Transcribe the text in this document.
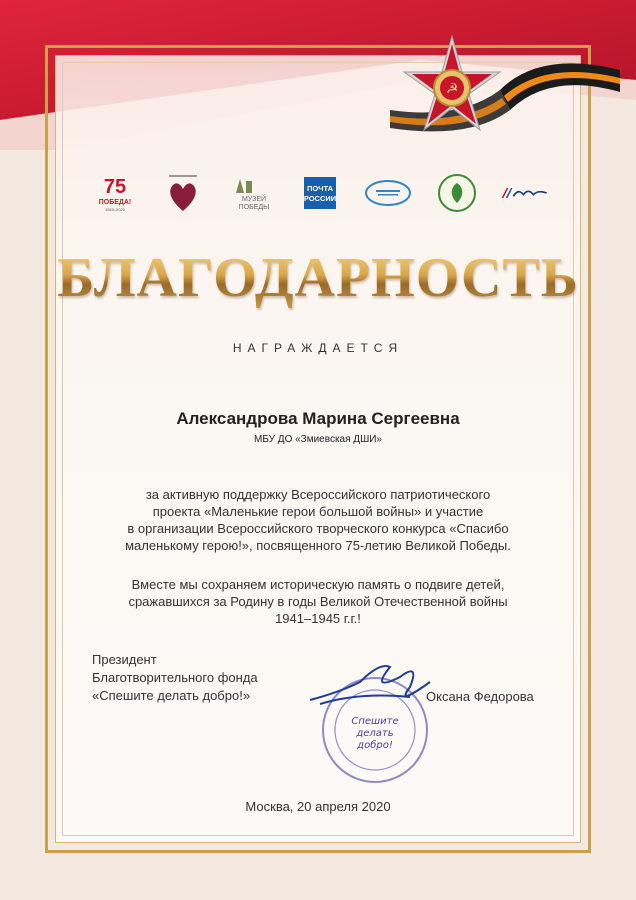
☭
75
ПОБЕДА!
1945–2020
МУЗЕЙ
ПОБЕДЫ
ПОЧТА
РОССИИ
БЛАГОДАРНОСТЬ
НАГРАЖДАЕТСЯ
Александрова Марина Сергеевна
МБУ ДО «Змиевская ДШИ»
за активную поддержку Всероссийского патриотического
проекта «Маленькие герои большой войны» и участие
в организации Всероссийского творческого конкурса «Спасибо
маленькому герою!», посвященного 75-летию Великой Победы.
Вместе мы сохраняем историческую память о подвиге детей,
сражавшихся за Родину в годы Великой Отечественной войны
1941–1945 г.г.!
Президент
Благотворительного фонда
«Спешите делать добро!»
Спешите
делать
добро!
Оксана Федорова
Москва, 20 апреля 2020
